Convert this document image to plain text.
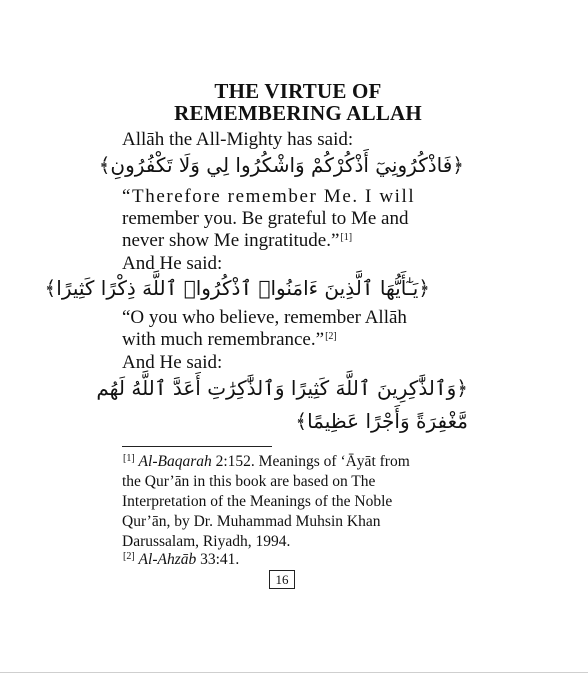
THE VIRTUE OF
REMEMBERING ALLAH
Allāh the All-Mighty has said:
﴿فَاذْكُرُونِيٓ أَذْكُرْكُمْ وَاشْكُرُوا لِي وَلَا تَكْفُرُونِ﴾
“Therefore remember Me. I will
remember you. Be grateful to Me and
never show Me ingratitude.”[1]
And He said:
﴿يَـٰٓأَيُّهَا ٱلَّذِينَ ءَامَنُوا۟ ٱذْكُرُوا۟ ٱللَّهَ ذِكْرًا كَثِيرًا﴾
“O you who believe, remember Allāh
with much remembrance.”[2]
And He said:
﴿وَٱلذَّٰكِرِينَ ٱللَّهَ كَثِيرًا وَٱلذَّٰكِرَٰتِ أَعَدَّ ٱللَّهُ لَهُم
مَّغْفِرَةً وَأَجْرًا عَظِيمًا﴾
[1] Al-Baqarah 2:152. Meanings of ‘Āyāt from
the Qur’ān in this book are based on The
Interpretation of the Meanings of the Noble
Qur’ān, by Dr. Muhammad Muhsin Khan
Darussalam, Riyadh, 1994.
[2] Al-Ahzāb 33:41.
16
